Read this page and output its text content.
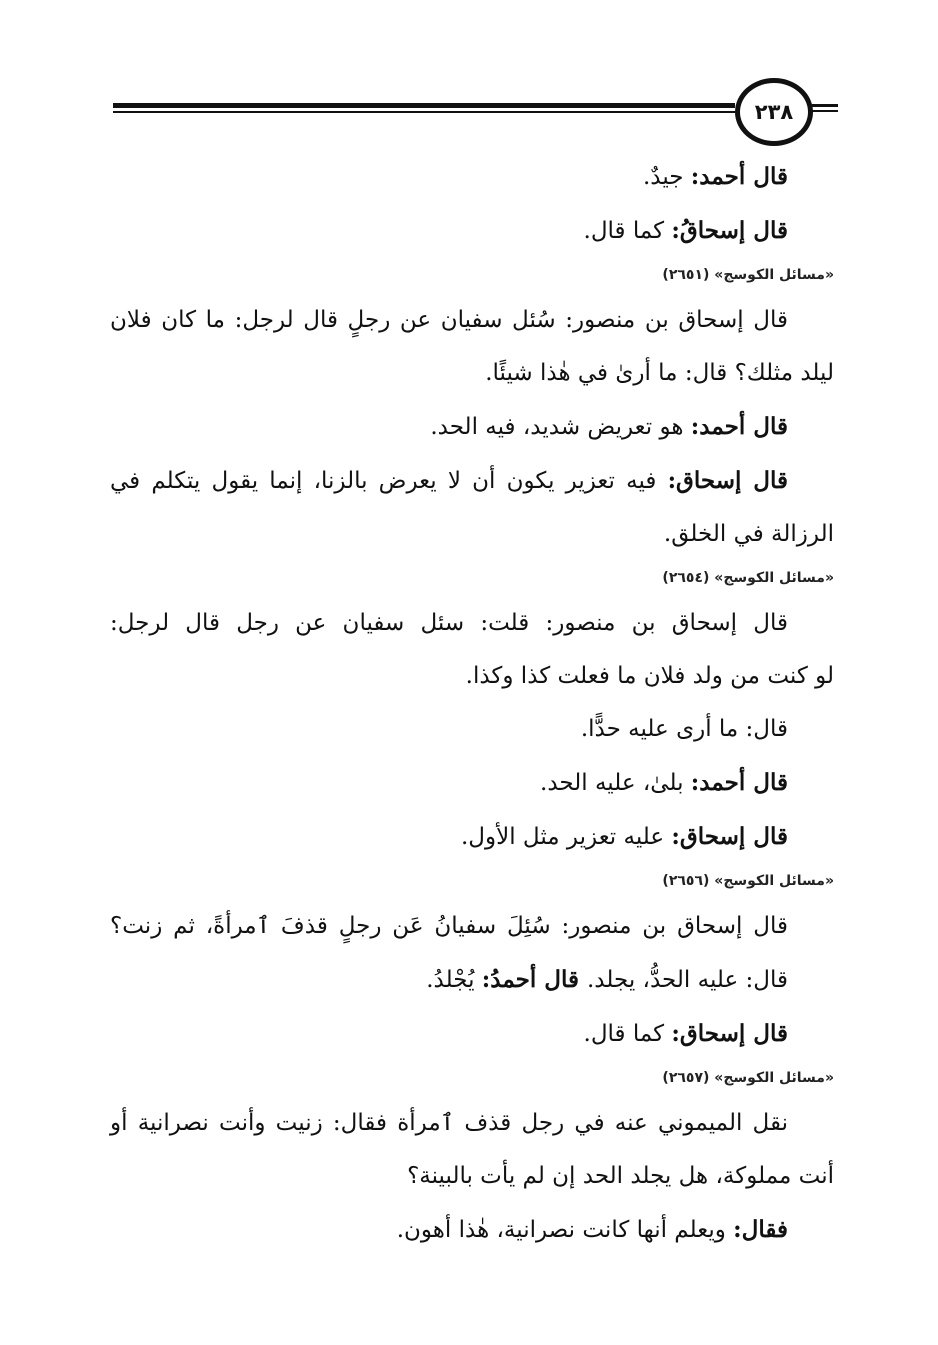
٢٣٨
قال أحمد: جيدٌ.
قال إسحاقُ: كما قال.
«مسائل الكوسج» (٢٦٥١)
قال إسحاق بن منصور: سُئل سفيان عن رجلٍ قال لرجل: ما كان فلان
ليلد مثلك؟ قال: ما أرىٰ في هٰذا شيئًا.
قال أحمد: هو تعريض شديد، فيه الحد.
قال إسحاق: فيه تعزير يكون أن لا يعرض بالزنا، إنما يقول يتكلم في
الرزالة في الخلق.
«مسائل الكوسج» (٢٦٥٤)
قال إسحاق بن منصور: قلت: سئل سفيان عن رجل قال لرجل:
لو كنت من ولد فلان ما فعلت كذا وكذا.
قال: ما أرى عليه حدًّا.
قال أحمد: بلىٰ، عليه الحد.
قال إسحاق: عليه تعزير مثل الأول.
«مسائل الكوسج» (٢٦٥٦)
قال إسحاق بن منصور: سُئِلَ سفيانُ عَن رجلٍ قذفَ ٱمرأةً، ثم زنت؟
قال: عليه الحدُّ، يجلد. قال أحمدُ: يُجْلدُ.
قال إسحاق: كما قال.
«مسائل الكوسج» (٢٦٥٧)
نقل الميموني عنه في رجل قذف ٱمرأة فقال: زنيت وأنت نصرانية أو
أنت مملوكة، هل يجلد الحد إن لم يأت بالبينة؟
فقال: ويعلم أنها كانت نصرانية، هٰذا أهون.
